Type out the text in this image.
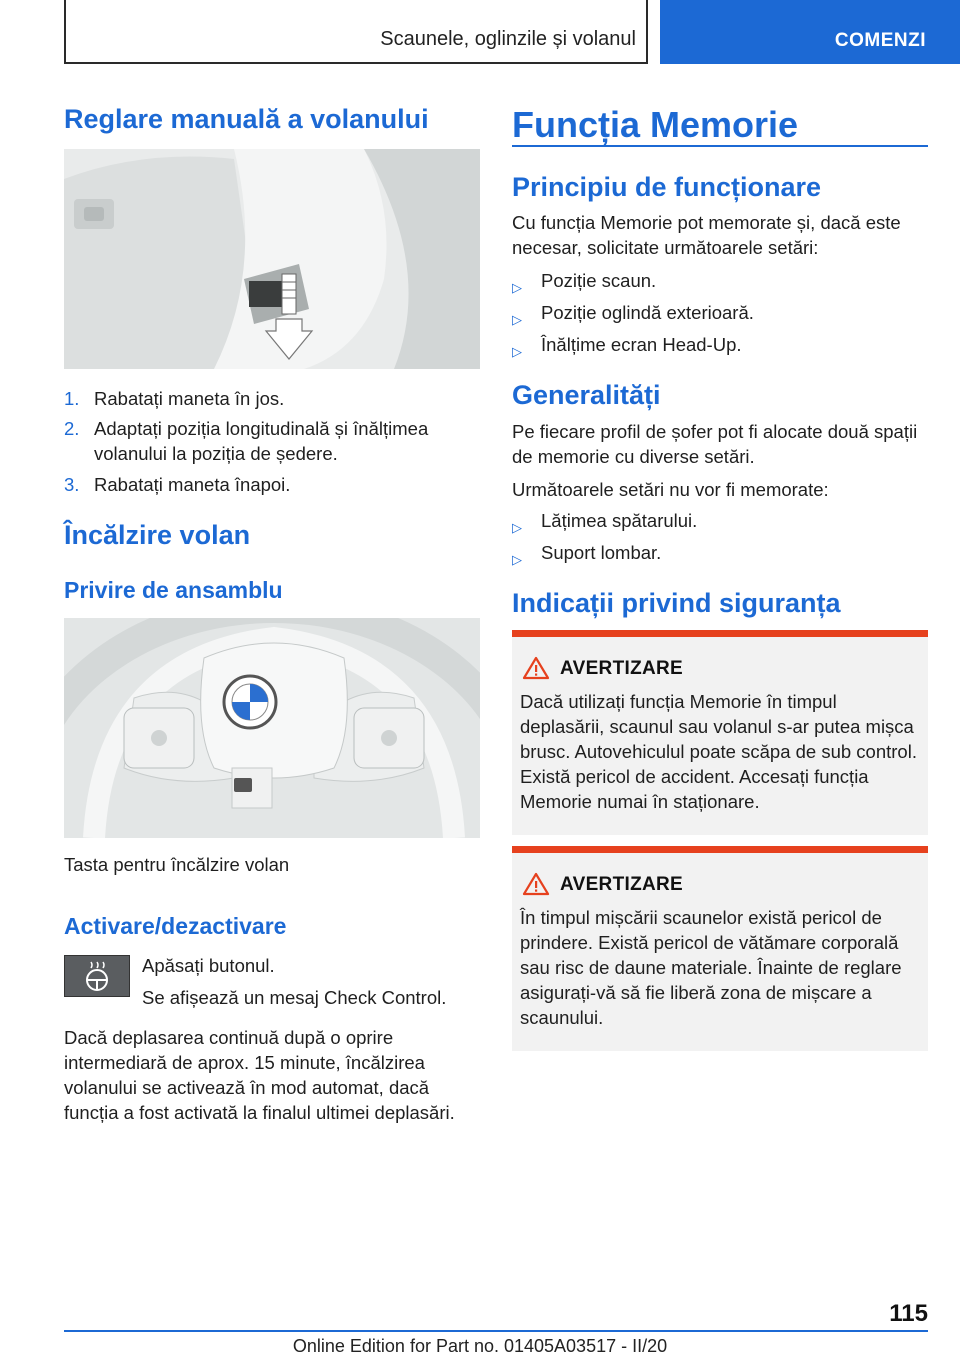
Scaunele, oglinzile și volanul	COMENZI
Reglare manuală a volanului
1. Rabatați maneta în jos.
2. Adaptați poziția longitudinală și înălțimea volanului la poziția de ședere.
3. Rabatați maneta înapoi.
Încălzire volan
Privire de ansamblu
Tasta pentru încălzire volan
Activare/dezactivare
Apăsați butonul.
Se afișează un mesaj Check Control.
Dacă deplasarea continuă după o oprire intermediară de aprox. 15 minute, încălzirea volanului se activează în mod automat, dacă funcția a fost activată la finalul ultimei deplasări.
Funcția Memorie
Principiu de funcționare
Cu funcția Memorie pot memorate și, dacă este necesar, solicitate următoarele setări:
▷ Poziție scaun.
▷ Poziție oglindă exterioară.
▷ Înălțime ecran Head-Up.
Generalități
Pe fiecare profil de șofer pot fi alocate două spații de memorie cu diverse setări.
Următoarele setări nu vor fi memorate:
▷ Lățimea spătarului.
▷ Suport lombar.
Indicații privind siguranța
AVERTIZARE
Dacă utilizați funcția Memorie în timpul deplasării, scaunul sau volanul s-ar putea mișca brusc. Autovehiculul poate scăpa de sub control. Există pericol de accident. Accesați funcția Memorie numai în staționare.
AVERTIZARE
În timpul mișcării scaunelor există pericol de prindere. Există pericol de vătămare corporală sau risc de daune materiale. Înainte de reglare asigurați-vă să fie liberă zona de mișcare a scaunului.
115
Online Edition for Part no. 01405A03517 - II/20
